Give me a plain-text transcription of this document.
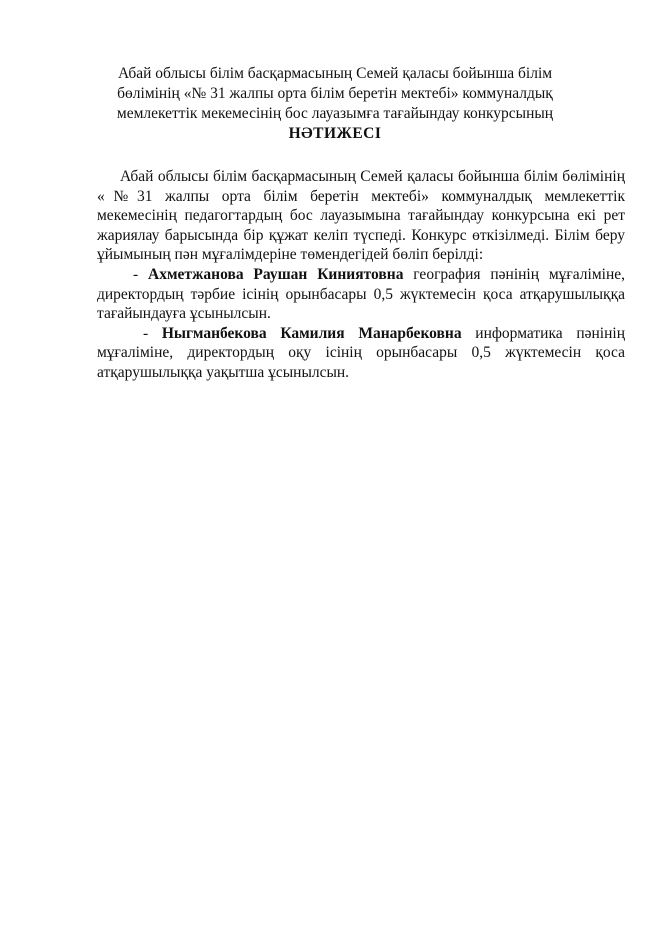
Абай облысы білім басқармасының Семей қаласы бойынша білім
бөлімінің «№ 31 жалпы орта білім беретін мектебі» коммуналдық
мемлекеттік мекемесінің бос лауазымға тағайындау конкурсының
НӘТИЖЕСІ

Абай облысы білім басқармасының Семей қаласы бойынша білім бөлімінің «№31 жалпы орта білім беретін мектебі» коммуналдық мемлекеттік мекемесінің педагогтардың бос лауазымына тағайындау конкурсына екі рет жариялау барысында бір құжат келіп түспеді. Конкурс өткізілмеді. Білім беру ұйымының пән мұғалімдеріне төмендегідей бөліп берілді:

- Ахметжанова Раушан Киниятовна география пәнінің мұғаліміне, директордың тәрбие ісінің орынбасары 0,5 жүктемесін қоса атқарушылыққа тағайындауға ұсынылсын.

- Ныгманбекова Камилия Манарбековна информатика пәнінің мұғаліміне, директордың оқу ісінің орынбасары 0,5 жүктемесін қоса атқарушылыққа уақытша ұсынылсын.
